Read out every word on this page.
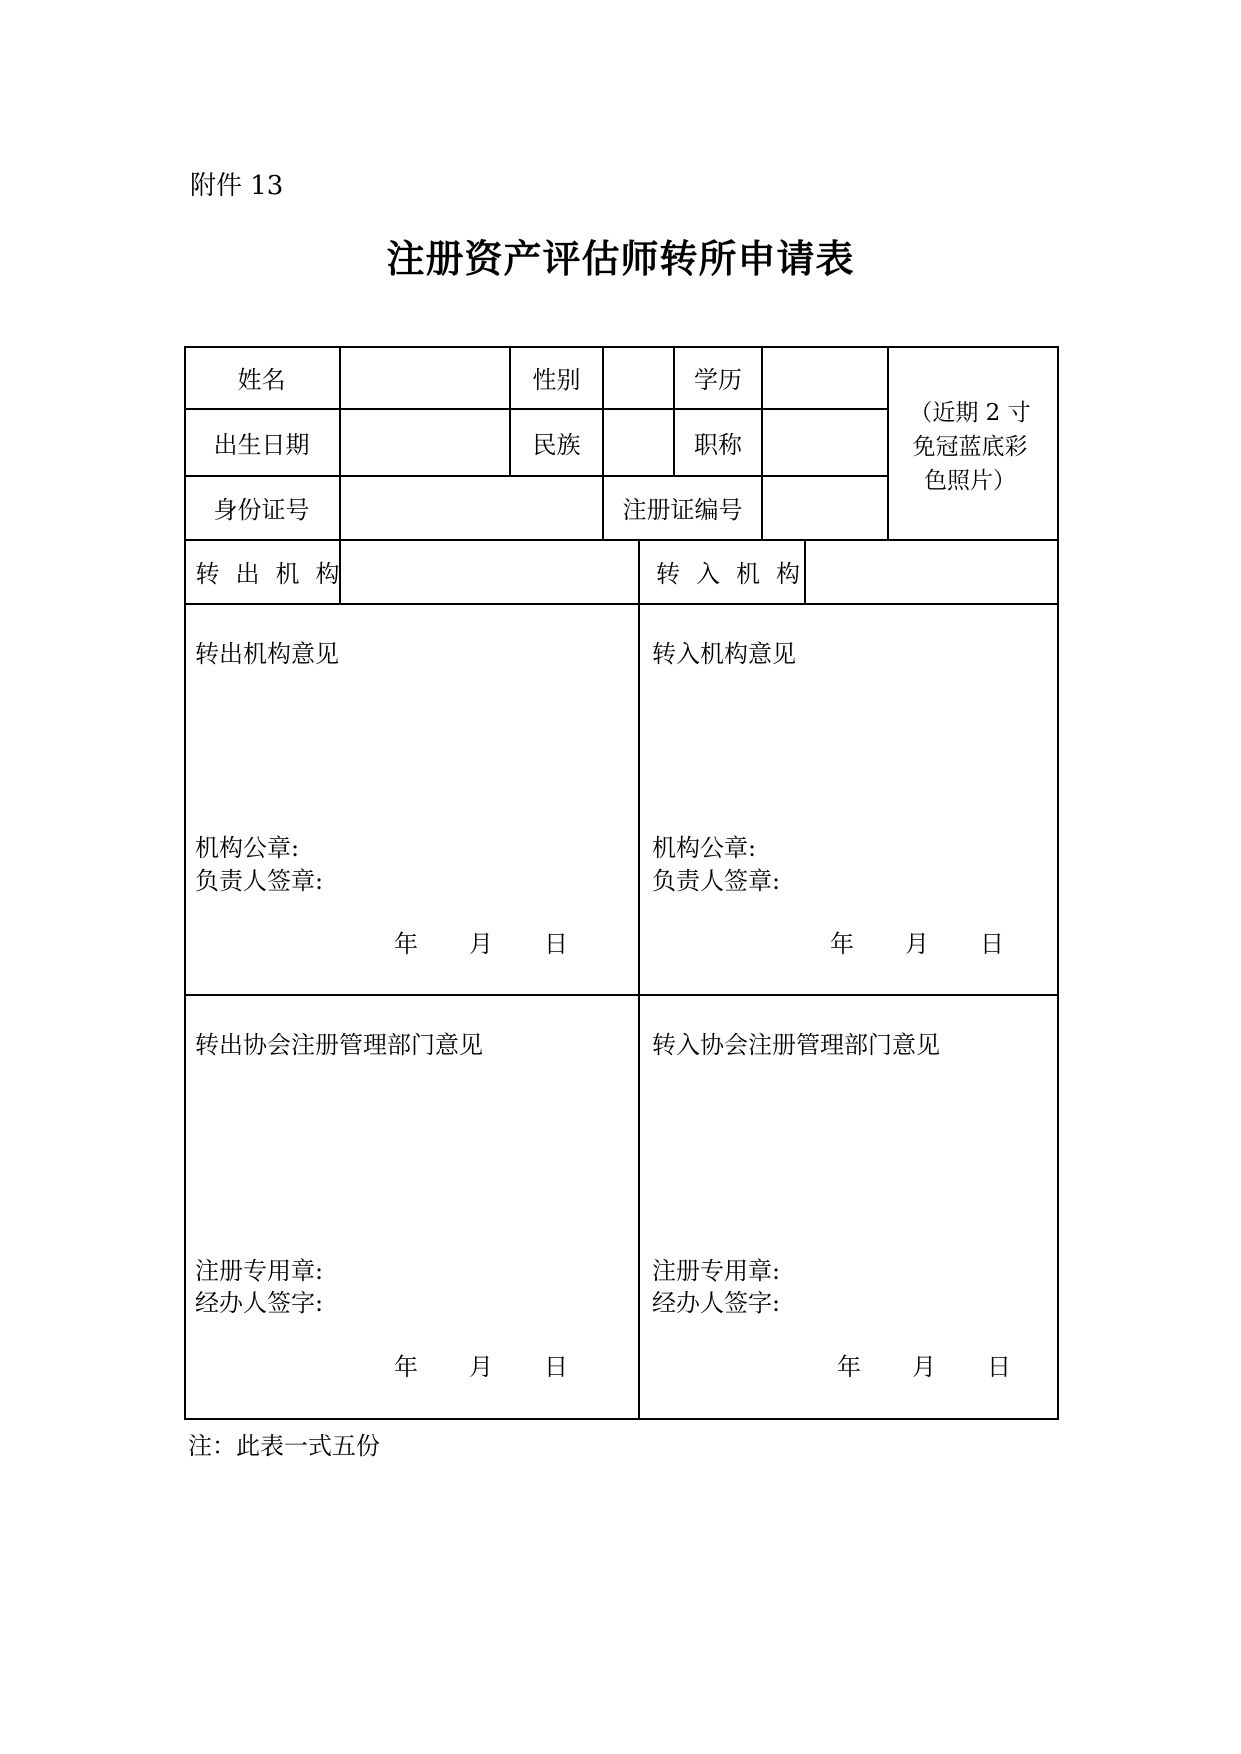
附件 13
注册资产评估师转所申请表
姓名	性别	学历
出生日期	民族	职称
身份证号	注册证编号
（近期 2 寸
免冠蓝底彩
色照片）
转出机构	转入机构
转出机构意见
机构公章:
负责人签章:
年 月 日
转入机构意见
机构公章:
负责人签章:
年 月 日
转出协会注册管理部门意见
注册专用章:
经办人签字:
年 月 日
转入协会注册管理部门意见
注册专用章:
经办人签字:
年 月 日
注：此表一式五份
